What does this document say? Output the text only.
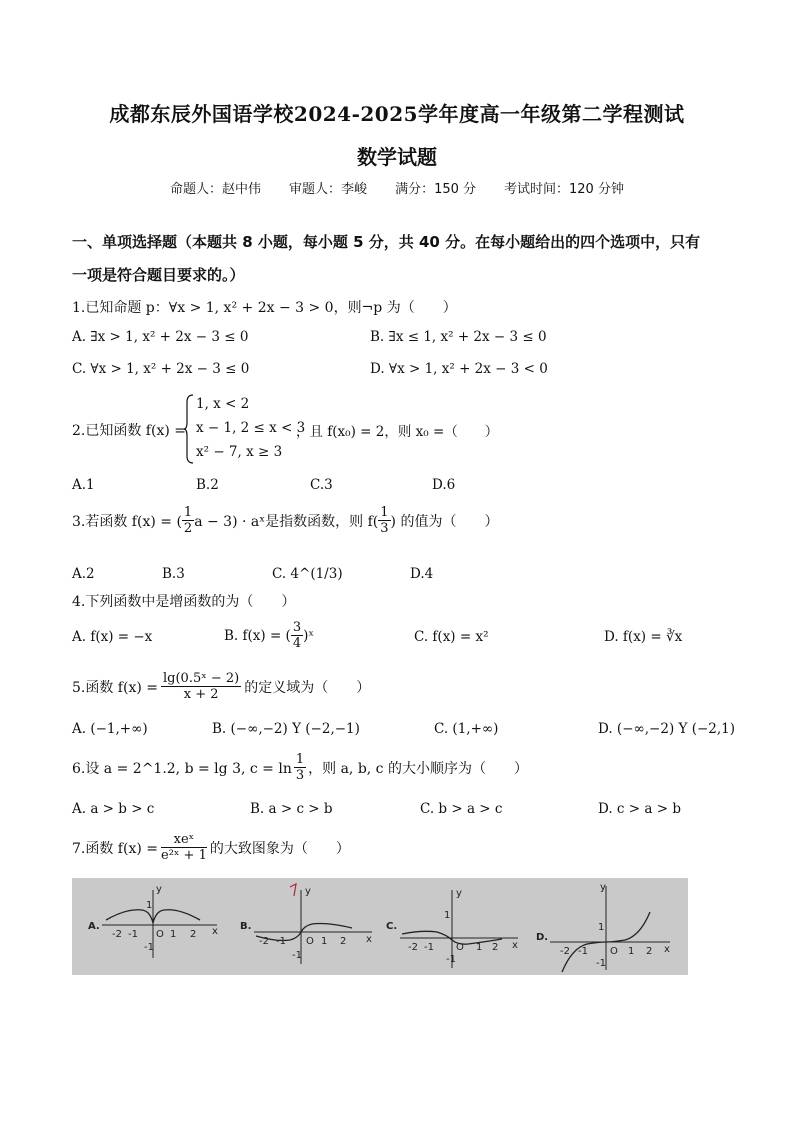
成都东辰外国语学校2024-2025学年度高一年级第二学程测试
数学试题
命题人：赵中伟 审题人：李峻 满分：150 分 考试时间：120 分钟
一、单项选择题（本题共 8 小题，每小题 5 分，共 40 分。在每小题给出的四个选项中，只有
一项是符合题目要求的。）
1.已知命题 p：∀x > 1, x² + 2x − 3 > 0，则¬p 为（　　）
A. ∃x > 1, x² + 2x − 3 ≤ 0	B. ∃x ≤ 1, x² + 2x − 3 ≤ 0
C. ∀x > 1, x² + 2x − 3 ≤ 0	D. ∀x > 1, x² + 2x − 3 < 0
2.已知函数 f(x) =
1, x < 2
x − 1, 2 ≤ x < 3
x² − 7, x ≥ 3
，且 f(x₀) = 2，则 x₀ =（　　）
A.1	B.2	C.3	D.6
3.若函数 f(x) = ( $\frac{1}{2}$ a − 3) · aˣ是指数函数，则 $f( \frac{1}{3}$ ) 的值为（　　）
A.2	B.3	C. 4^(1/3)	D.4
4.下列函数中是增函数的为（　　）
A. f(x) = −x	B. f(x) = ( $\frac{3}{4}$ )ˣ	C. f(x) = x²	D. f(x) = ∛x
5.函数 $f(x) = \frac{\text{lg(0.5ˣ − 2)}}{x + 2}$ 的定义域为（　　）
A. (−1,+∞)	B. (−∞,−2) Y (−2,−1)	C. (1,+∞)	D. (−∞,−2) Y (−2,1)
6.设 a = 2^1.2, b = lg 3, $c = \ln \frac{1}{3}$ ，则 a, b, c 的大小顺序为（　　）
A. a > b > c	B. a > c > b	C. b > a > c	D. c > a > b
7.函数 $f(x) = \frac{\text{xeˣ}}{\text{e²ˣ + 1}}$ 的大致图象为（　　）
A.
y
x
1
-2 -1 O 1 2
-1
B.
y
x
-2 -1 O 1 2
-1
C.
y
x
1
-2 -1 O 1 2
-1
D.
y
x
1
-2 -1 O 1 2
-1
